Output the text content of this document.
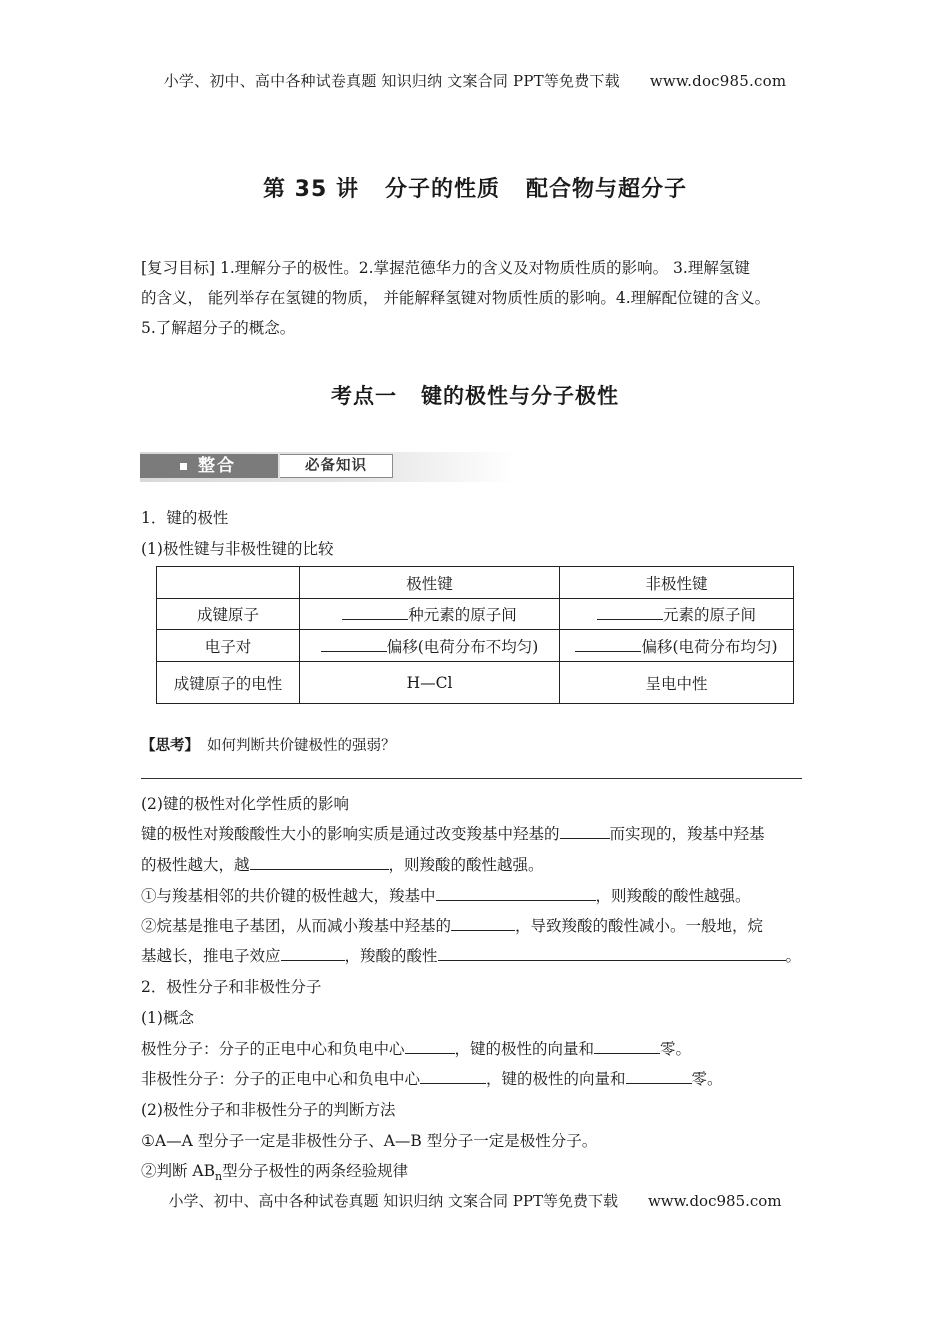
小学、初中、高中各种试卷真题 知识归纳 文案合同 PPT等免费下载 www.doc985.com
第 35 讲 分子的性质 配合物与超分子
[复习目标] 1.理解分子的极性。2.掌握范德华力的含义及对物质性质的影响。 3.理解氢键
的含义， 能列举存在氢键的物质， 并能解释氢键对物质性质的影响。4.理解配位键的含义。
5.了解超分子的概念。
考点一 键的极性与分子极性
整合	必备知识
1．键的极性
(1)极性键与非极性键的比较
	极性键	非极性键
成键原子	种元素的原子间	元素的原子间
电子对	偏移(电荷分布不均匀)	偏移(电荷分布均匀)
成键原子的电性	H—Cl	呈电中性
【思考】 如何判断共价键极性的强弱？
(2)键的极性对化学性质的影响
键的极性对羧酸酸性大小的影响实质是通过改变羧基中羟基的	而实现的，羧基中羟基
的极性越大，越	，则羧酸的酸性越强。
①与羧基相邻的共价键的极性越大，羧基中	，则羧酸的酸性越强。
②烷基是推电子基团，从而减小羧基中羟基的	，导致羧酸的酸性减小。一般地，烷
基越长，推电子效应	，羧酸的酸性	。
2．极性分子和非极性分子
(1)概念
极性分子：分子的正电中心和负电中心	，键的极性的向量和	零。
非极性分子：分子的正电中心和负电中心	，键的极性的向量和	零。
(2)极性分子和非极性分子的判断方法
①A—A 型分子一定是非极性分子、A—B 型分子一定是极性分子。
②判断 $AB_n$型分子极性的两条经验规律
小学、初中、高中各种试卷真题 知识归纳 文案合同 PPT等免费下载 www.doc985.com
